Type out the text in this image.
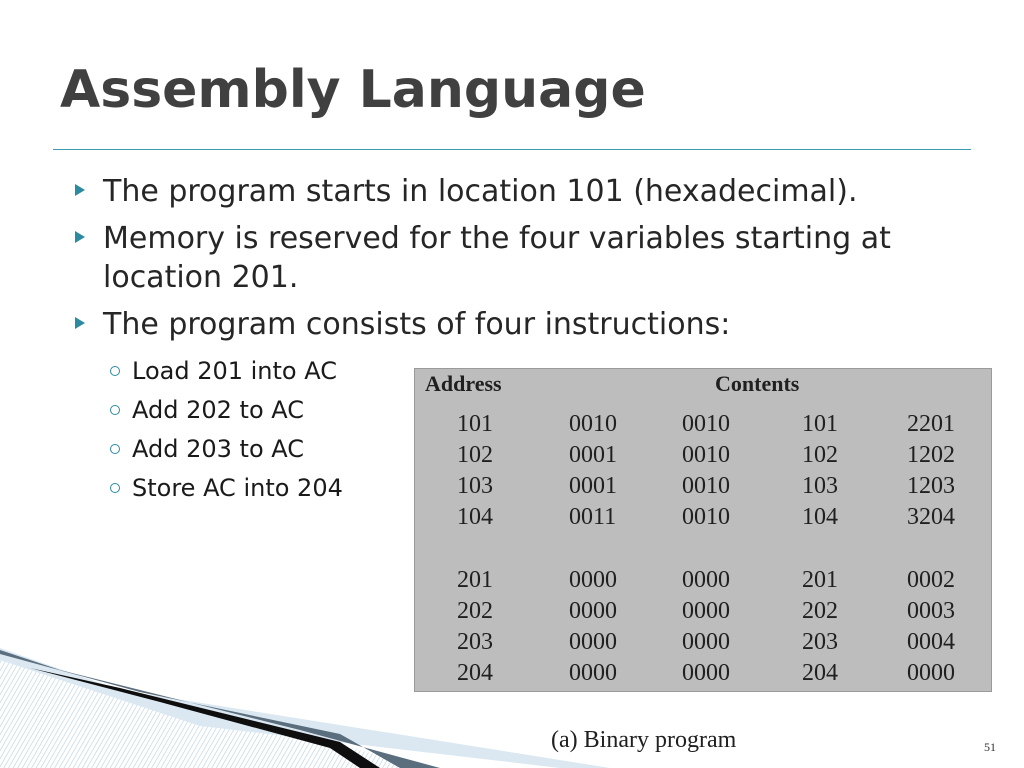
Assembly Language
The program starts in location 101 (hexadecimal).
Memory is reserved for the four variables starting at location 201.
The program consists of four instructions:
Load 201 into AC
Add 202 to AC
Add 203 to AC
Store AC into 204
Address	Contents
101	0010	0010	101	2201
102	0001	0010	102	1202
103	0001	0010	103	1203
104	0011	0010	104	3204
201	0000	0000	201	0002
202	0000	0000	202	0003
203	0000	0000	203	0004
204	0000	0000	204	0000
(a) Binary program	51
